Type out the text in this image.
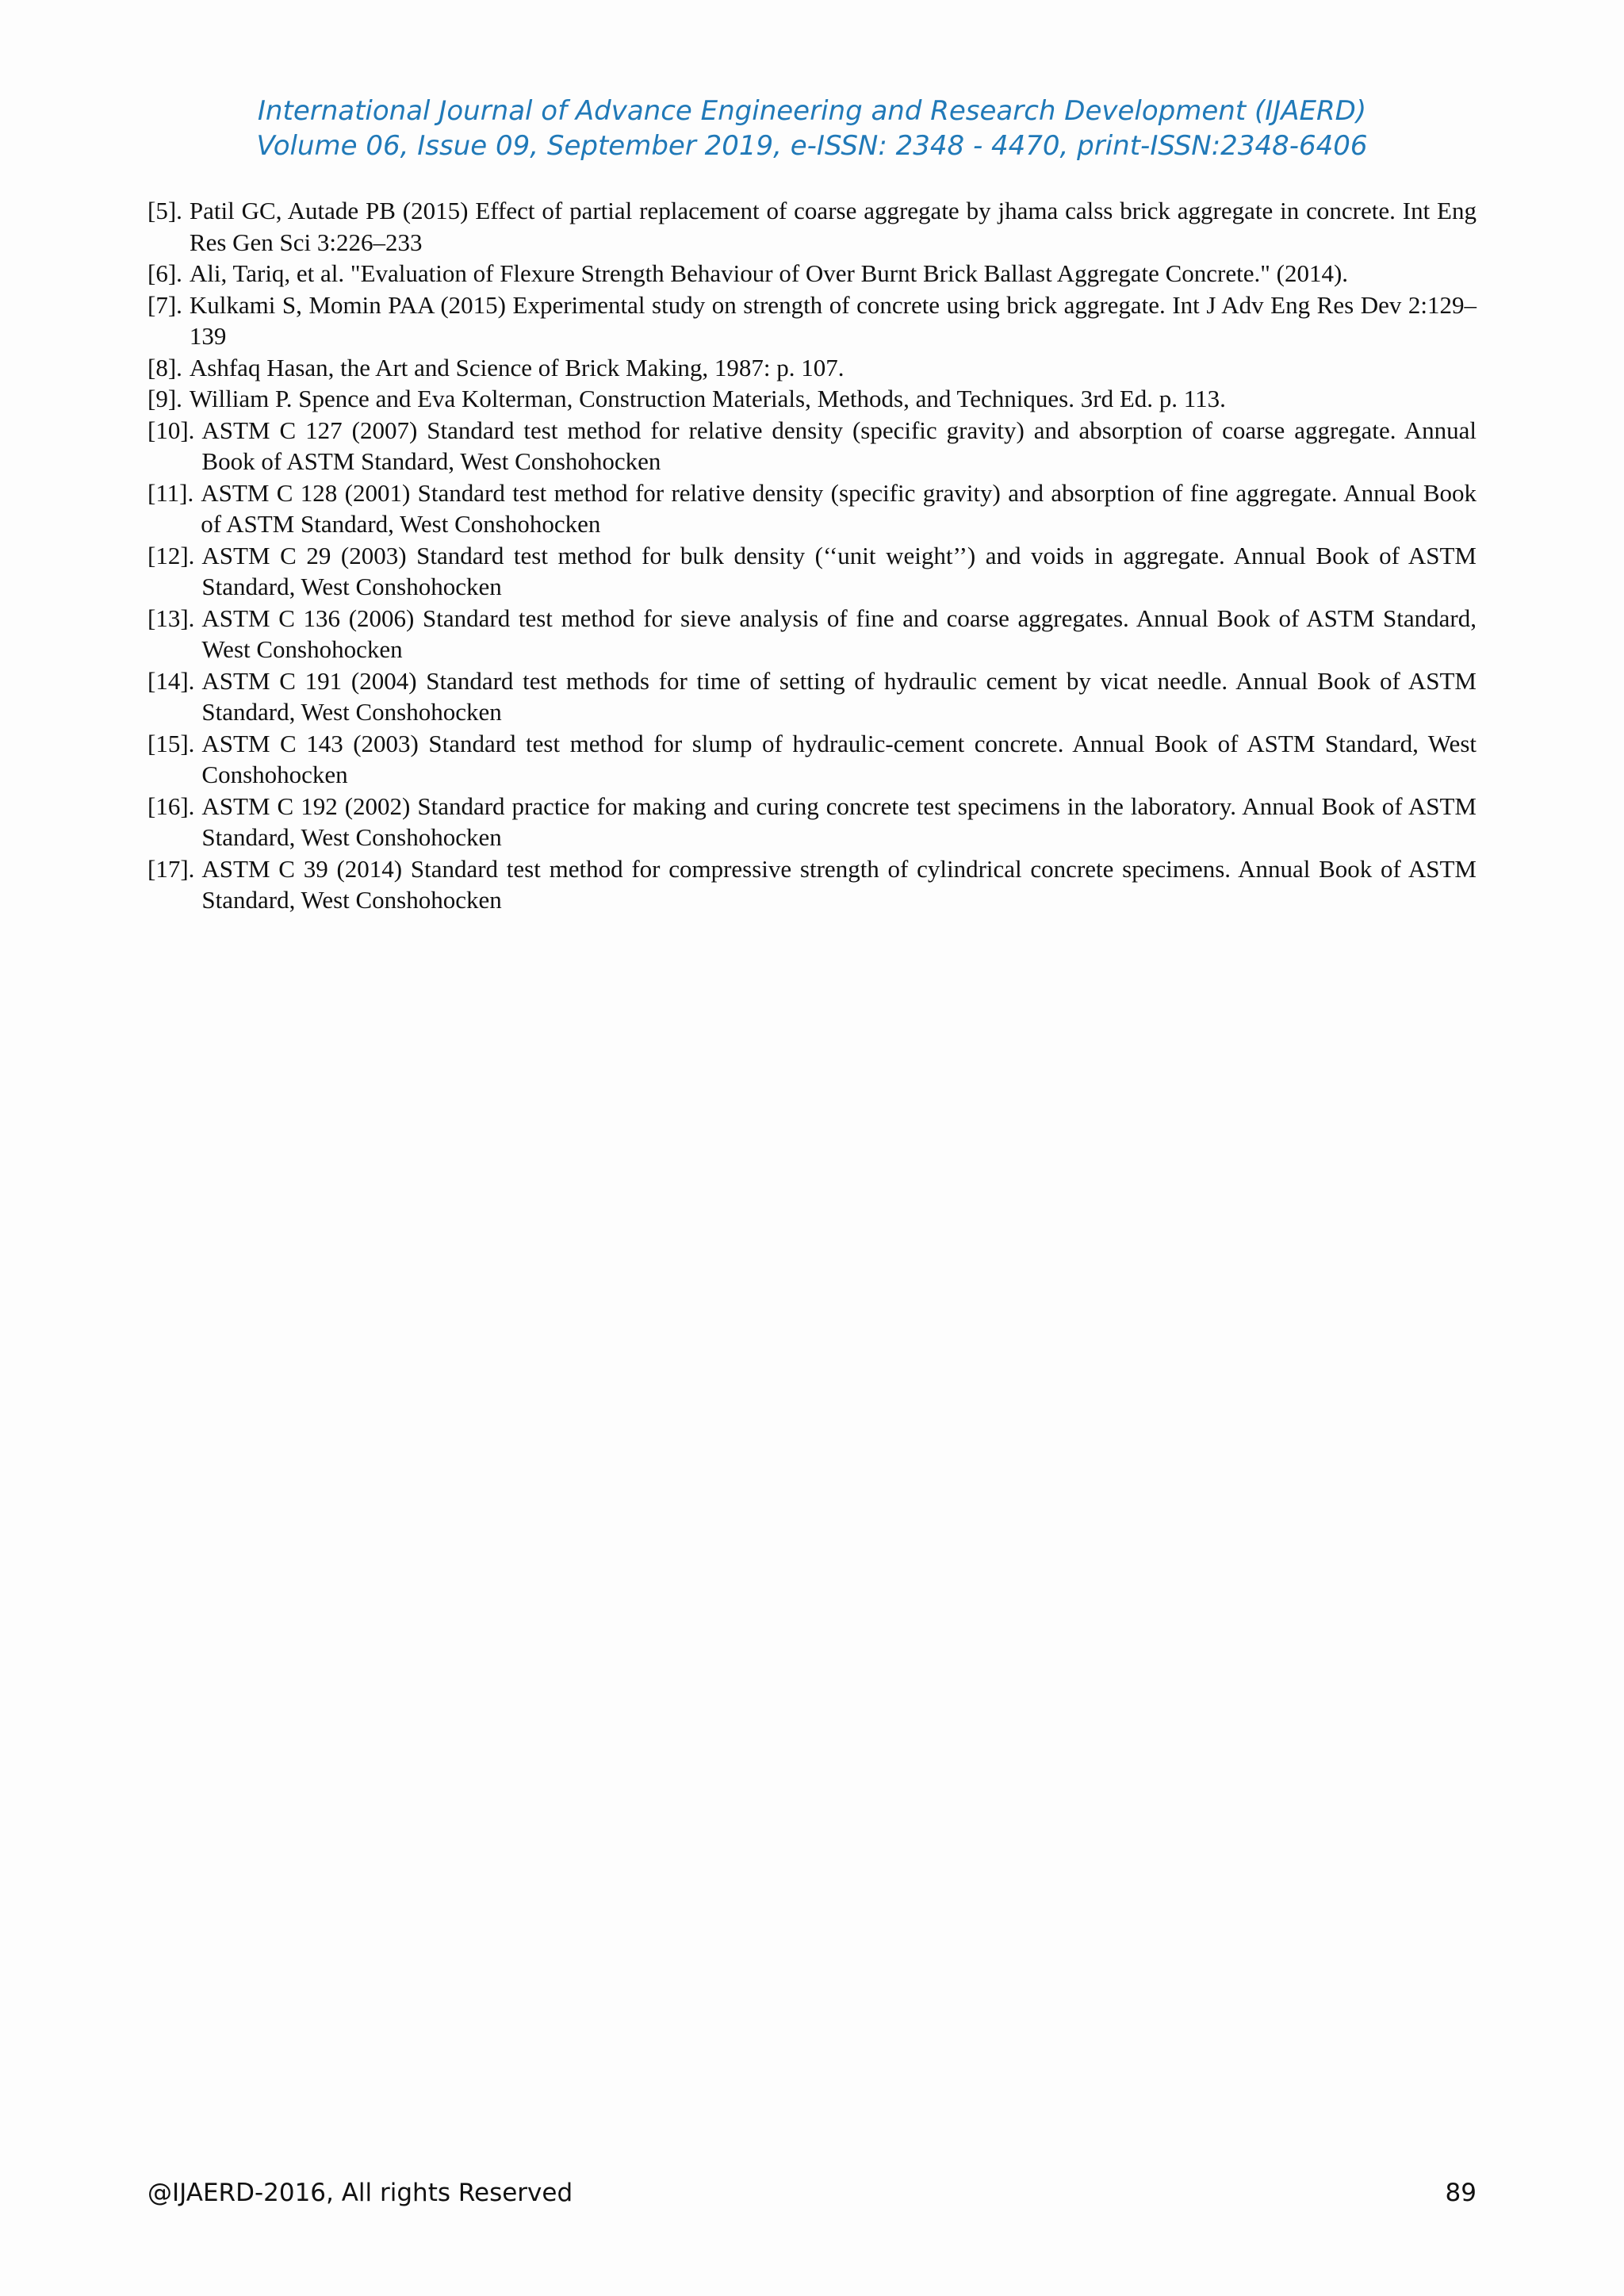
International Journal of Advance Engineering and Research Development (IJAERD)
Volume 06, Issue 09, September 2019, e-ISSN: 2348 - 4470, print-ISSN:2348-6406
[5]. Patil GC, Autade PB (2015) Effect of partial replacement of coarse aggregate by jhama calss brick aggregate in concrete. Int Eng Res Gen Sci 3:226–233
[6]. Ali, Tariq, et al. "Evaluation of Flexure Strength Behaviour of Over Burnt Brick Ballast Aggregate Concrete." (2014).
[7]. Kulkami S, Momin PAA (2015) Experimental study on strength of concrete using brick aggregate. Int J Adv Eng Res Dev 2:129–139
[8]. Ashfaq Hasan, the Art and Science of Brick Making, 1987: p. 107.
[9]. William P. Spence and Eva Kolterman, Construction Materials, Methods, and Techniques. 3rd Ed. p. 113.
[10]. ASTM C 127 (2007) Standard test method for relative density (specific gravity) and absorption of coarse aggregate. Annual Book of ASTM Standard, West Conshohocken
[11]. ASTM C 128 (2001) Standard test method for relative density (specific gravity) and absorption of fine aggregate. Annual Book of ASTM Standard, West Conshohocken
[12]. ASTM C 29 (2003) Standard test method for bulk density (‘‘unit weight’’) and voids in aggregate. Annual Book of ASTM Standard, West Conshohocken
[13]. ASTM C 136 (2006) Standard test method for sieve analysis of fine and coarse aggregates. Annual Book of ASTM Standard, West Conshohocken
[14]. ASTM C 191 (2004) Standard test methods for time of setting of hydraulic cement by vicat needle. Annual Book of ASTM Standard, West Conshohocken
[15]. ASTM C 143 (2003) Standard test method for slump of hydraulic-cement concrete. Annual Book of ASTM Standard, West Conshohocken
[16]. ASTM C 192 (2002) Standard practice for making and curing concrete test specimens in the laboratory. Annual Book of ASTM Standard, West Conshohocken
[17]. ASTM C 39 (2014) Standard test method for compressive strength of cylindrical concrete specimens. Annual Book of ASTM Standard, West Conshohocken
@IJAERD-2016, All rights Reserved	89
